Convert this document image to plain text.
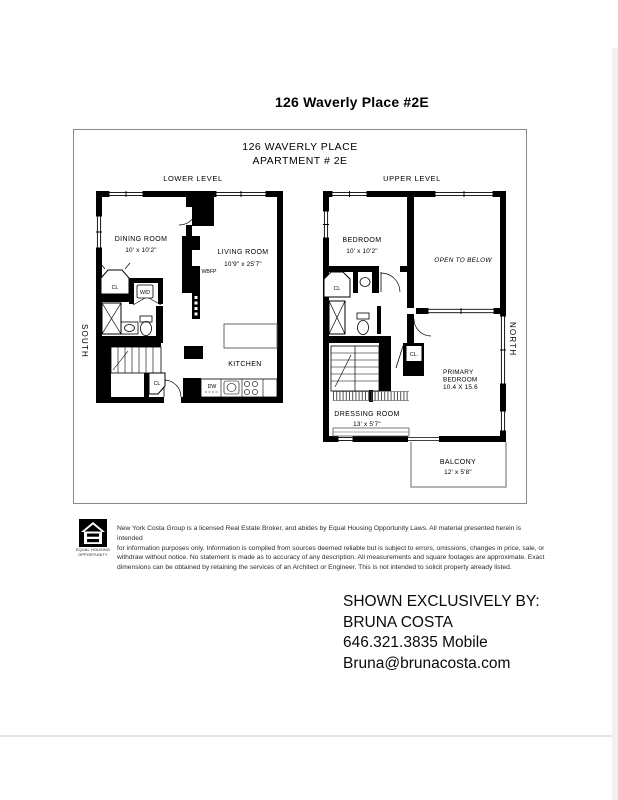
126 Waverly Place #2E
126 WAVERLY PLACE
APARTMENT # 2E
LOWER LEVEL	UPPER LEVEL
SOUTH	NORTH
DINING ROOM
10' x 10'2"	LIVING ROOM
10'9" x 25'7"
KITCHEN
WBFP
CL
W/D
CL	DW
BEDROOM
10' x 10'2"
OPEN TO BELOW
PRIMARY
BEDROOM
10.4 X 15.6
DRESSING ROOM
13' x 5'7"
BALCONY
12' x 5'8"
CL
CL.
EQUAL HOUSING
OPPORTUNITY
New York Costa Group is a licensed Real Estate Broker, and abides by Equal Housing Opportunity Laws. All material presented herein is intended
for information purposes only. Information is compiled from sources deemed reliable but is subject to errors, omissions, changes in price, sale, or
withdraw without notice. No statement is made as to accuracy of any description. All measurements and square footages are approximate. Exact
dimensions can be obtained by retaining the services of an Architect or Engineer. This is not intended to solicit property already listed.
SHOWN EXCLUSIVELY BY:
BRUNA COSTA
646.321.3835 Mobile
Bruna@brunacosta.com
